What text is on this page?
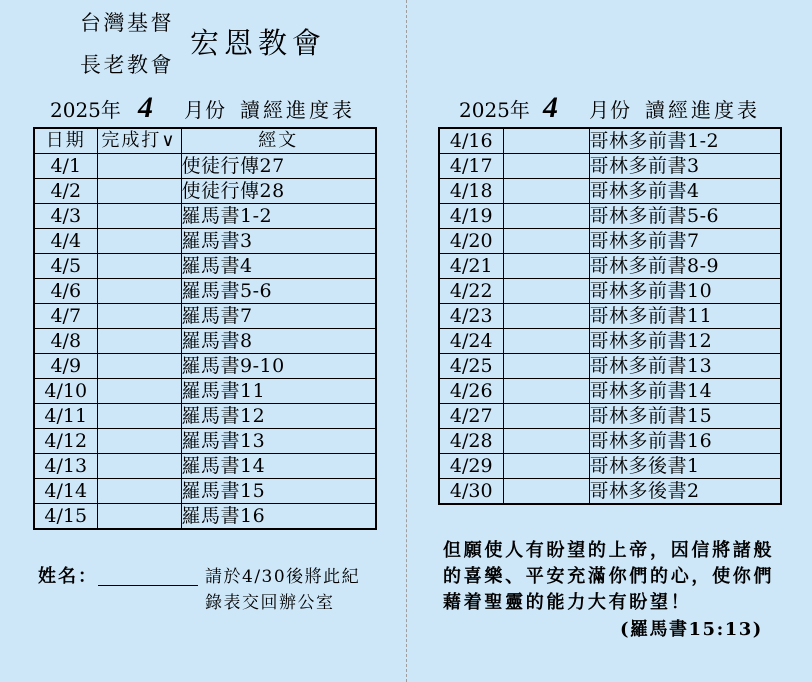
台灣基督
長老教會
宏恩教會
2025年 4 月份 讀經進度表	2025年 4 月份 讀經進度表
日期	完成打∨	經文
4/1		使徒行傳27
4/2		使徒行傳28
4/3		羅馬書1-2
4/4		羅馬書3
4/5		羅馬書4
4/6		羅馬書5-6
4/7		羅馬書7
4/8		羅馬書8
4/9		羅馬書9-10
4/10		羅馬書11
4/11		羅馬書12
4/12		羅馬書13
4/13		羅馬書14
4/14		羅馬書15
4/15		羅馬書16
4/16		哥林多前書1-2
4/17		哥林多前書3
4/18		哥林多前書4
4/19		哥林多前書5-6
4/20		哥林多前書7
4/21		哥林多前書8-9
4/22		哥林多前書10
4/23		哥林多前書11
4/24		哥林多前書12
4/25		哥林多前書13
4/26		哥林多前書14
4/27		哥林多前書15
4/28		哥林多前書16
4/29		哥林多後書1
4/30		哥林多後書2
姓名：	請於4/30後將此紀
錄表交回辦公室
但願使人有盼望的上帝，因信將諸般
的喜樂、平安充滿你們的心，使你們
藉着聖靈的能力大有盼望！
(羅馬書15:13)
